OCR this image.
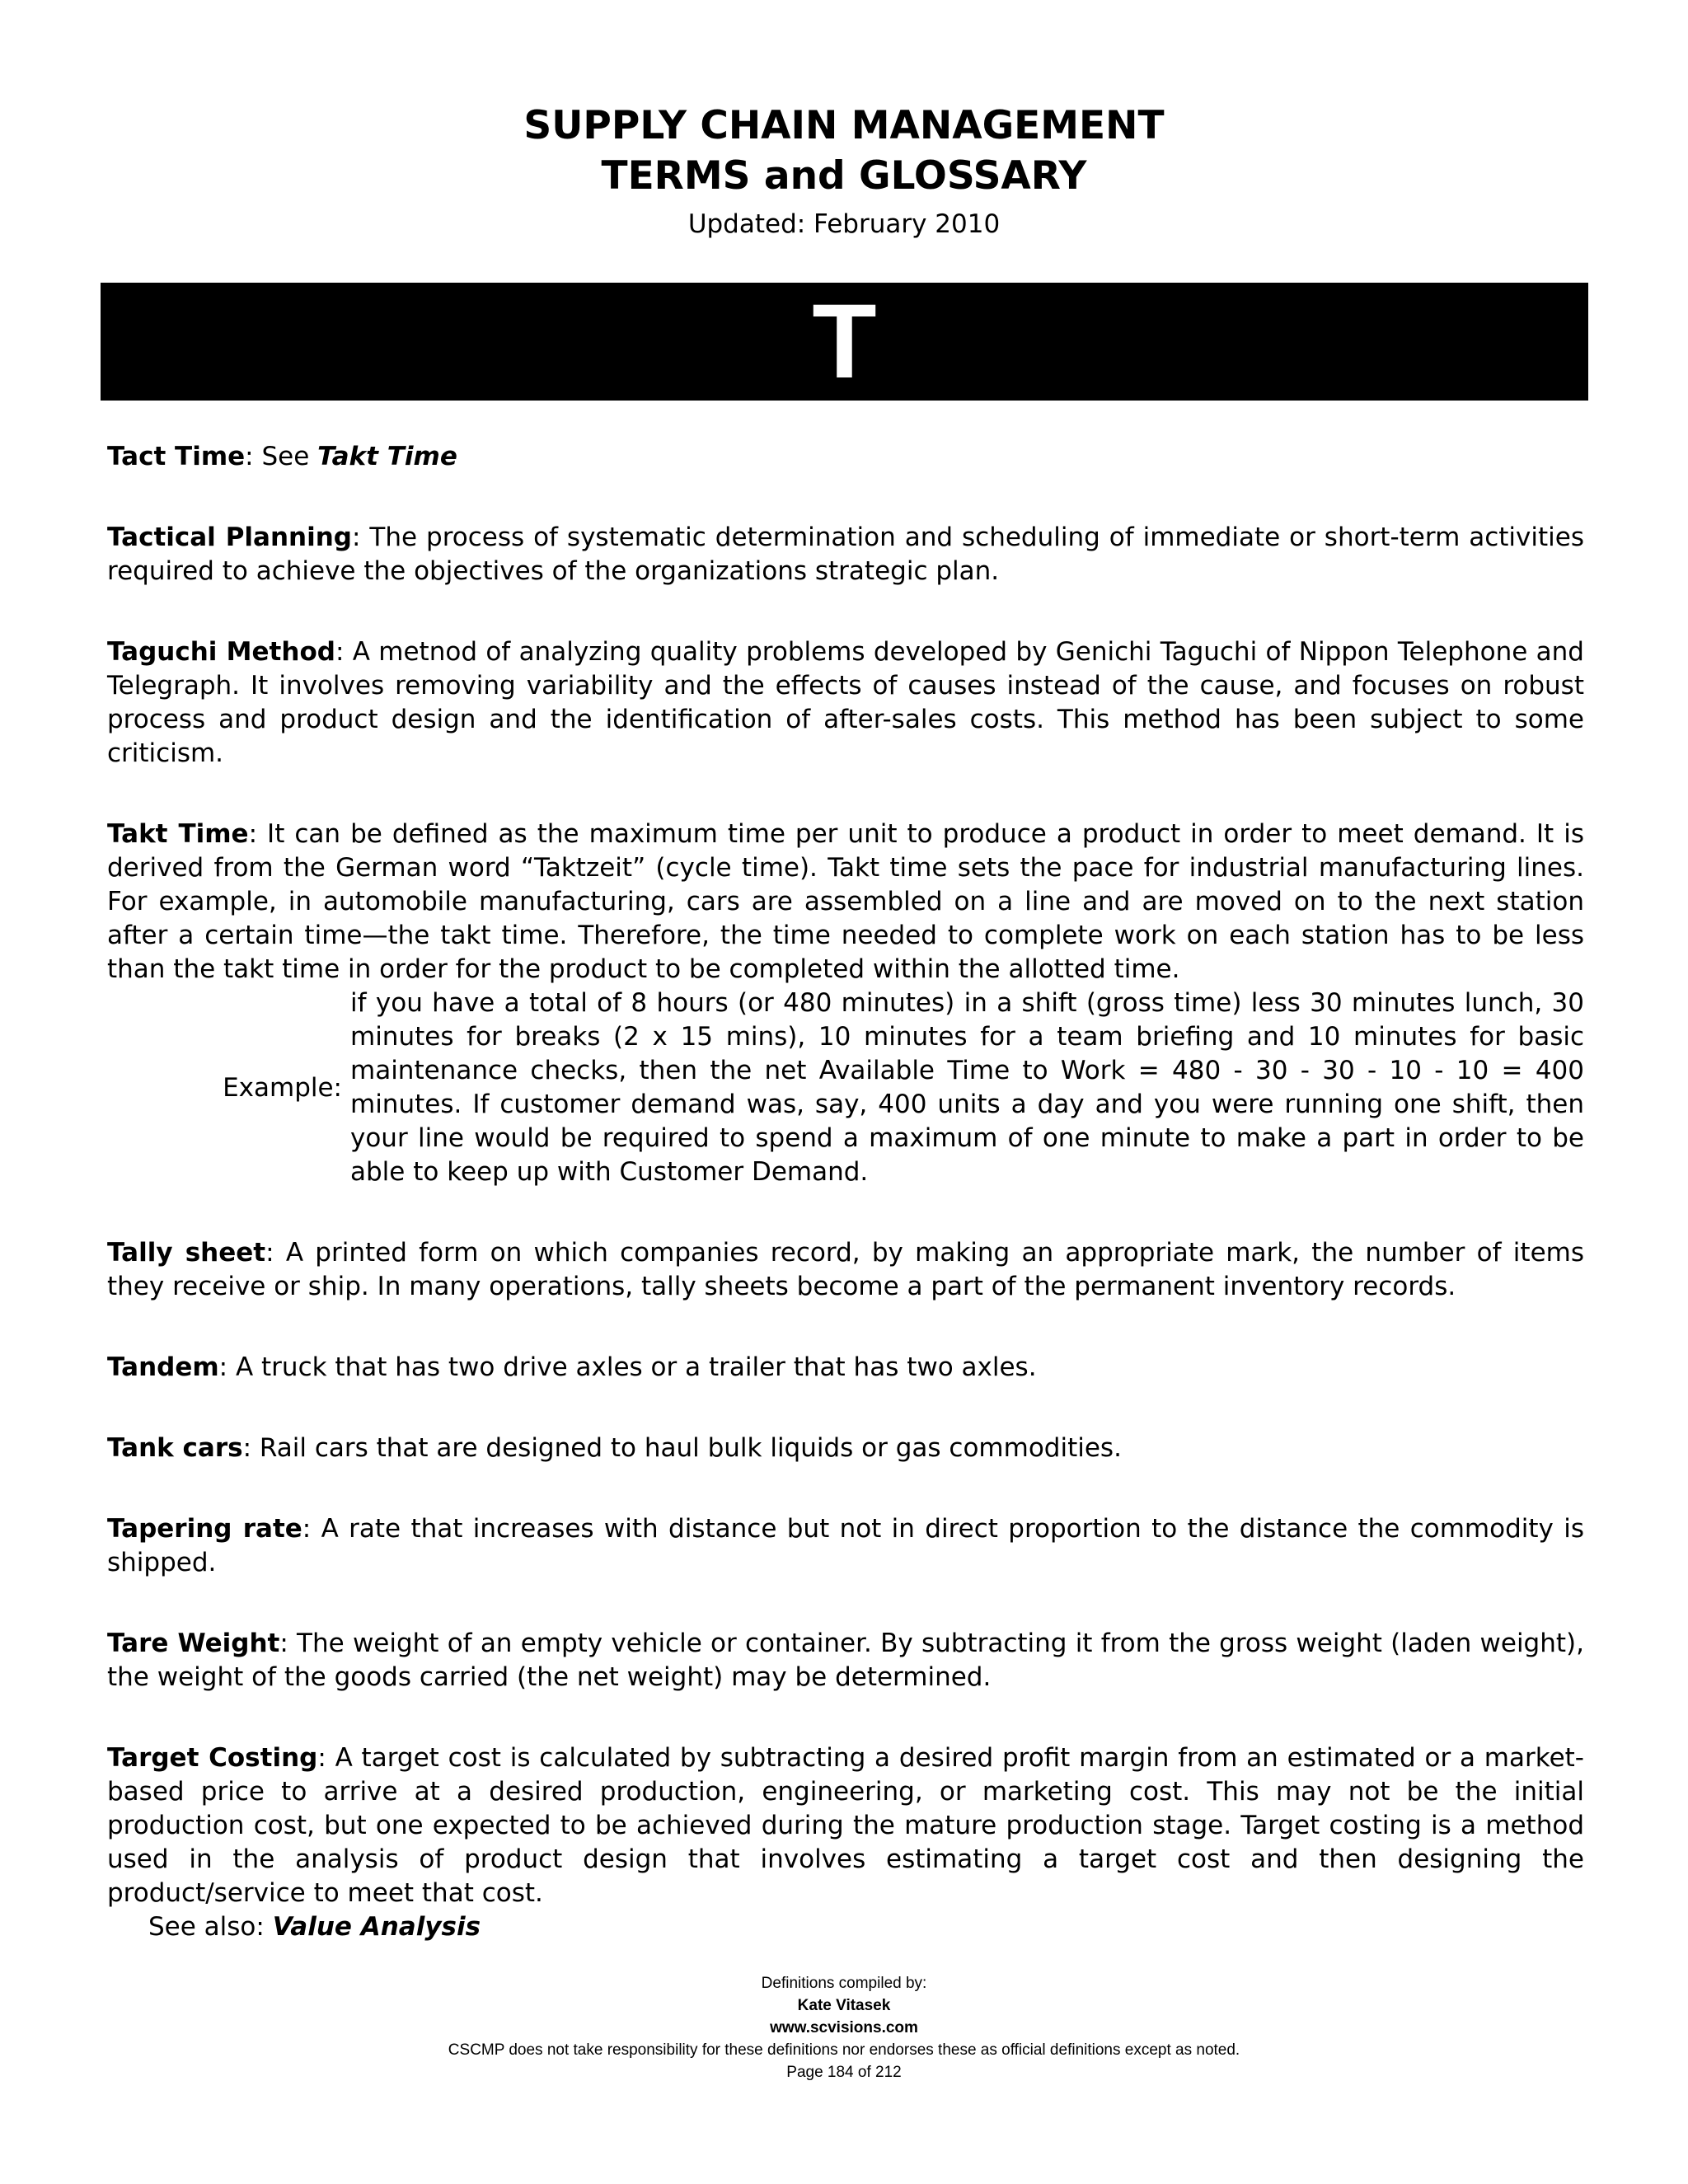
SUPPLY CHAIN MANAGEMENT
TERMS and GLOSSARY
Updated: February 2010
T

Tact Time: See Takt Time

Tactical Planning: The process of systematic determination and scheduling of immediate or short-term activities required to achieve the objectives of the organizations strategic plan.

Taguchi Method: A metnod of analyzing quality problems developed by Genichi Taguchi of Nippon Telephone and Telegraph. It involves removing variability and the effects of causes instead of the cause, and focuses on robust process and product design and the identification of after-sales costs. This method has been subject to some criticism.

Takt Time: It can be defined as the maximum time per unit to produce a product in order to meet demand. It is derived from the German word “Taktzeit” (cycle time). Takt time sets the pace for industrial manufacturing lines. For example, in automobile manufacturing, cars are assembled on a line and are moved on to the next station after a certain time—the takt time. Therefore, the time needed to complete work on each station has to be less than the takt time in order for the product to be completed within the allotted time.

Example:
if you have a total of 8 hours (or 480 minutes) in a shift (gross time) less 30 minutes lunch, 30 minutes for breaks (2 x 15 mins), 10 minutes for a team briefing and 10 minutes for basic maintenance checks, then the net Available Time to Work = 480 - 30 - 30 - 10 - 10 = 400 minutes. If customer demand was, say, 400 units a day and you were running one shift, then your line would be required to spend a maximum of one minute to make a part in order to be able to keep up with Customer Demand.

Tally sheet: A printed form on which companies record, by making an appropriate mark, the number of items they receive or ship. In many operations, tally sheets become a part of the permanent inventory records.

Tandem: A truck that has two drive axles or a trailer that has two axles.

Tank cars: Rail cars that are designed to haul bulk liquids or gas commodities.

Tapering rate: A rate that increases with distance but not in direct proportion to the distance the commodity is shipped.

Tare Weight: The weight of an empty vehicle or container. By subtracting it from the gross weight (laden weight), the weight of the goods carried (the net weight) may be determined.

Target Costing: A target cost is calculated by subtracting a desired profit margin from an estimated or a market-based price to arrive at a desired production, engineering, or marketing cost. This may not be the initial production cost, but one expected to be achieved during the mature production stage. Target costing is a method used in the analysis of product design that involves estimating a target cost and then designing the product/service to meet that cost.

See also: Value Analysis

Definitions compiled by:
Kate Vitasek
www.scvisions.com
CSCMP does not take responsibility for these definitions nor endorses these as official definitions except as noted.
Page 184 of 212
